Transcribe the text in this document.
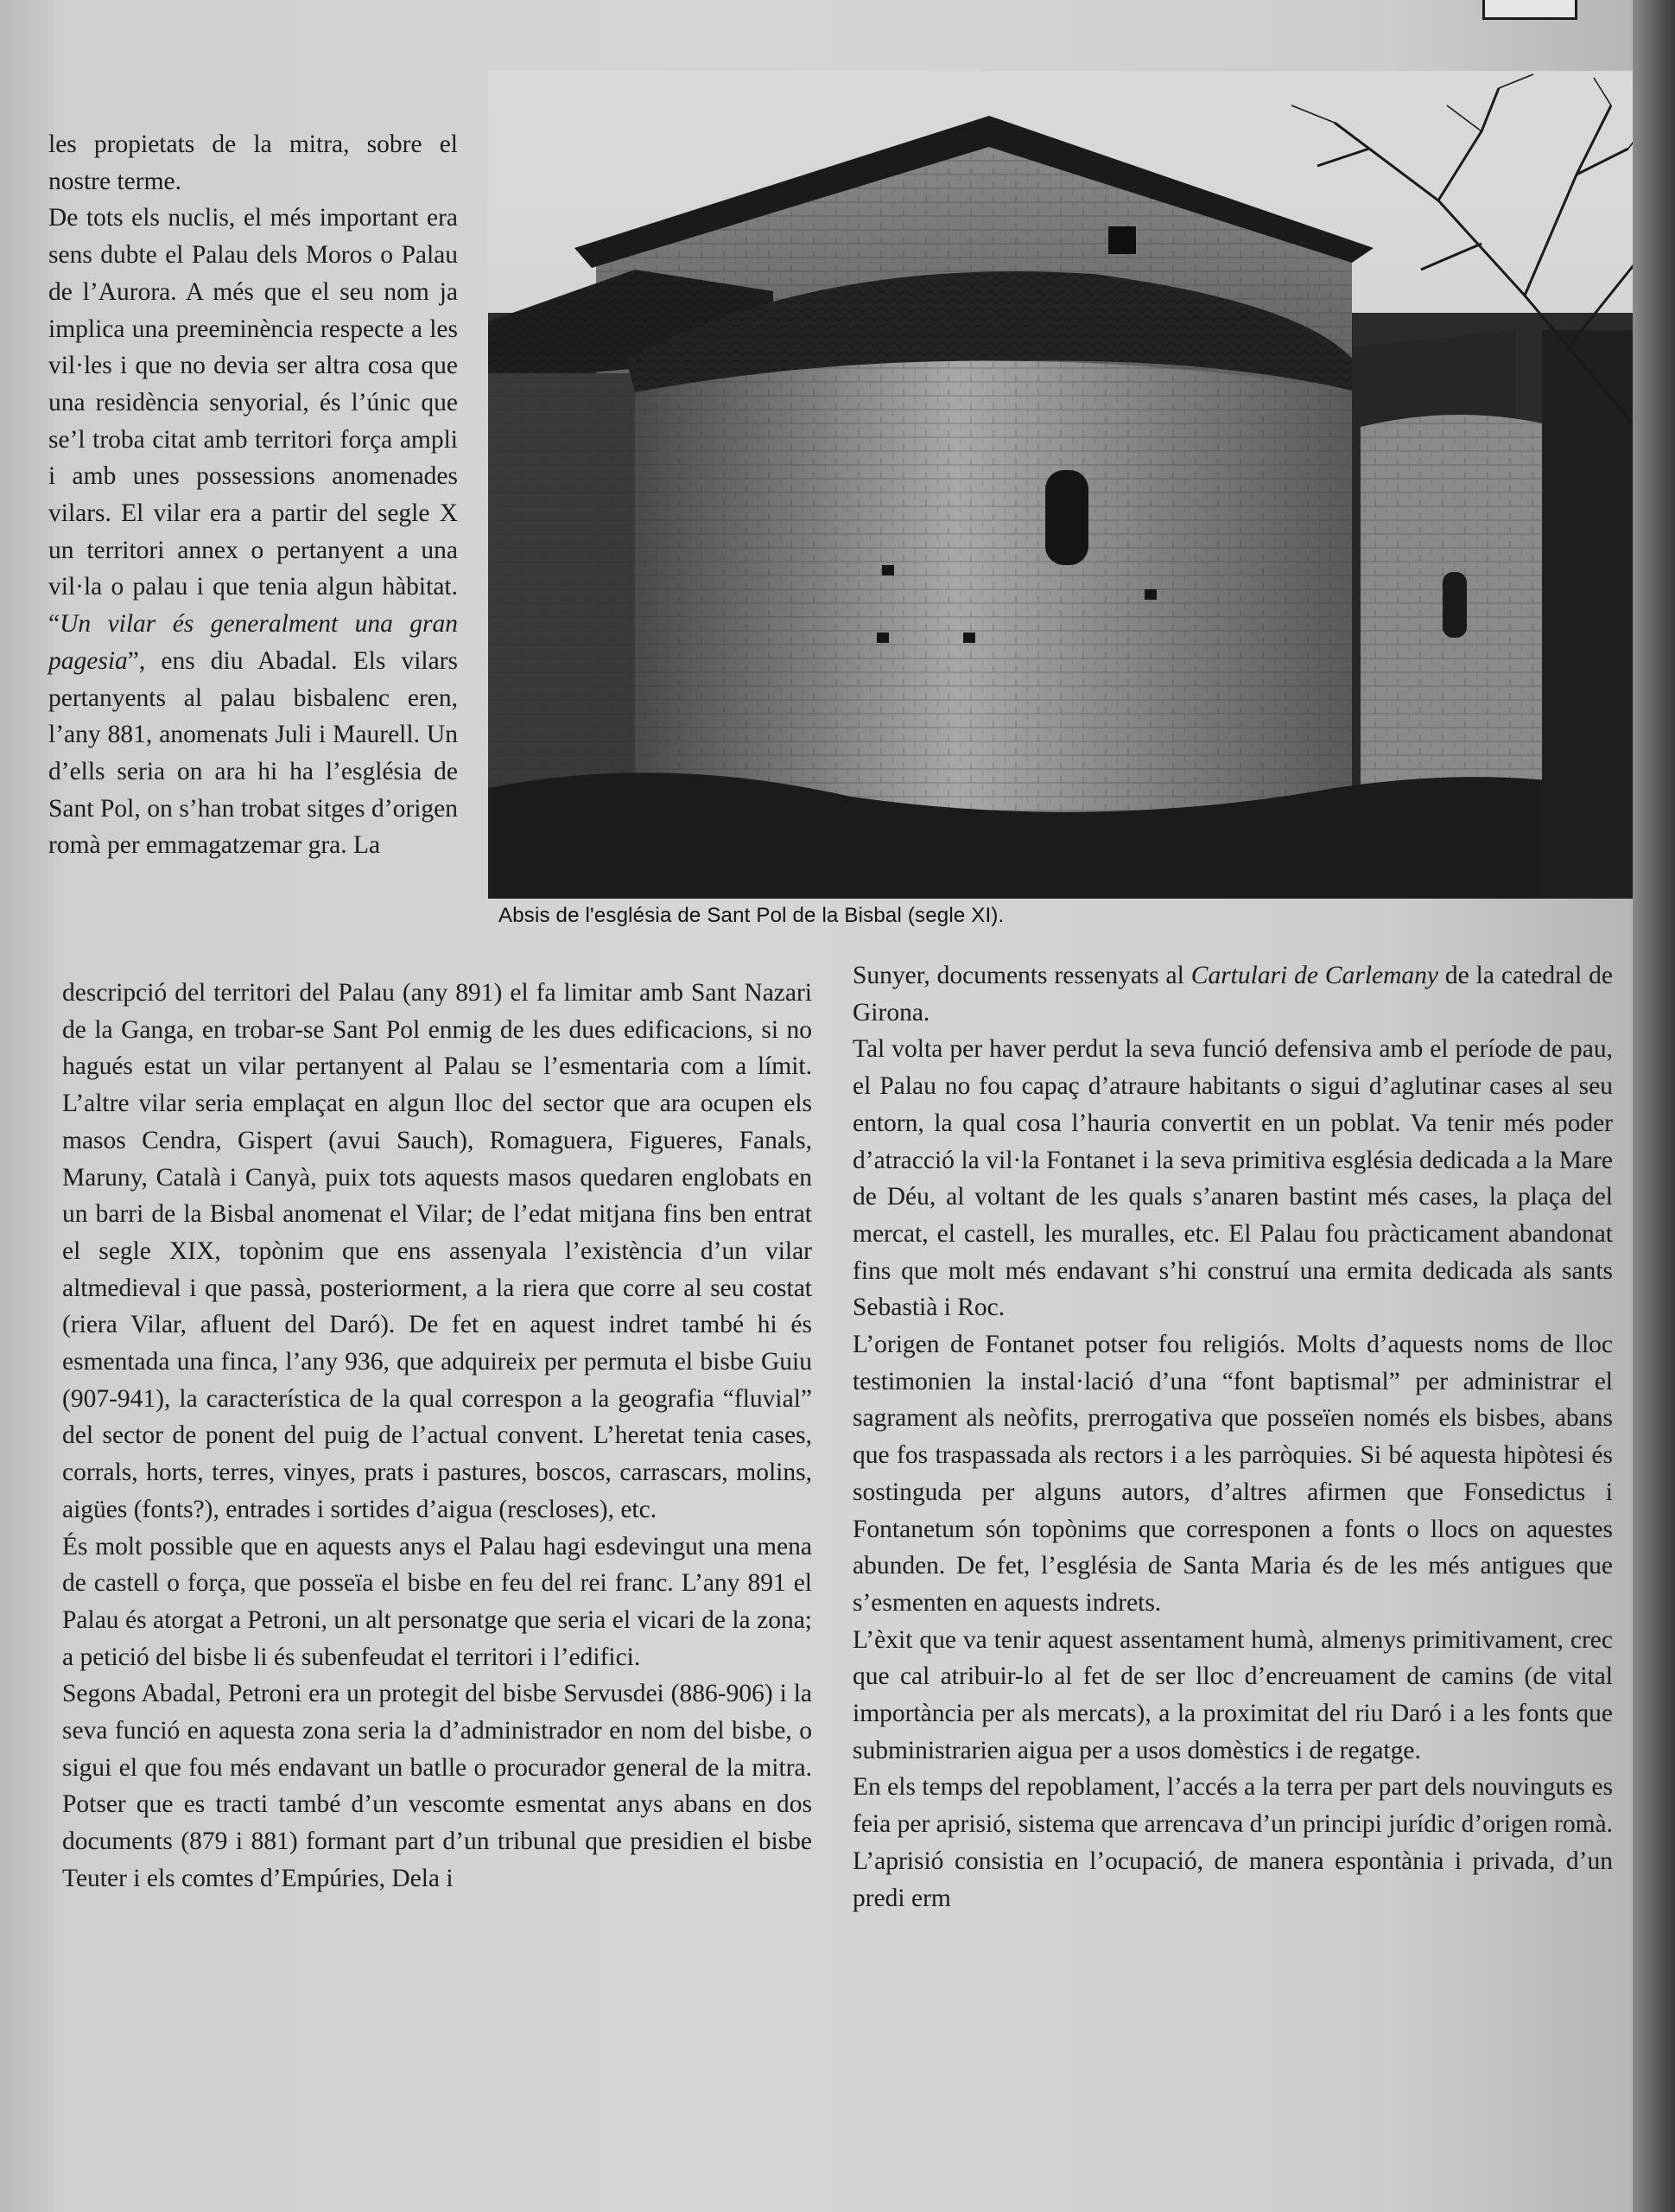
Absis de l'església de Sant Pol de la Bisbal (segle XI).

les propietats de la mitra, sobre el nostre terme.

De tots els nuclis, el més important era sens dubte el Palau dels Moros o Palau de l’Aurora. A més que el seu nom ja implica una preeminència respecte a les vil·les i que no devia ser altra cosa que una residència senyorial, és l’únic que se’l troba citat amb territori força ampli i amb unes possessions anomenades vilars. El vilar era a partir del segle X un territori annex o pertanyent a una vil·la o palau i que tenia algun hàbitat. “Un vilar és generalment una gran pagesia”, ens diu Abadal. Els vilars pertanyents al palau bisbalenc eren, l’any 881, anomenats Juli i Maurell. Un d’ells seria on ara hi ha l’església de Sant Pol, on s’han trobat sitges d’origen romà per emmagatzemar gra. La

descripció del territori del Palau (any 891) el fa limitar amb Sant Nazari de la Ganga, en trobar-se Sant Pol enmig de les dues edificacions, si no hagués estat un vilar pertanyent al Palau se l’esmentaria com a límit. L’altre vilar seria emplaçat en algun lloc del sector que ara ocupen els masos Cendra, Gispert (avui Sauch), Romaguera, Figueres, Fanals, Maruny, Català i Canyà, puix tots aquests masos quedaren englobats en un barri de la Bisbal anomenat el Vilar; de l’edat mitjana fins ben entrat el segle XIX, topònim que ens assenyala l’existència d’un vilar altmedieval i que passà, posteriorment, a la riera que corre al seu costat (riera Vilar, afluent del Daró). De fet en aquest indret també hi és esmentada una finca, l’any 936, que adquireix per permuta el bisbe Guiu (907-941), la característica de la qual correspon a la geografia “fluvial” del sector de ponent del puig de l’actual convent. L’heretat tenia cases, corrals, horts, terres, vinyes, prats i pastures, boscos, carrascars, molins, aigües (fonts?), entrades i sortides d’aigua (rescloses), etc.

És molt possible que en aquests anys el Palau hagi esdevingut una mena de castell o força, que posseïa el bisbe en feu del rei franc. L’any 891 el Palau és atorgat a Petroni, un alt personatge que seria el vicari de la zona; a petició del bisbe li és subenfeudat el territori i l’edifici.

Segons Abadal, Petroni era un protegit del bisbe Servusdei (886-906) i la seva funció en aquesta zona seria la d’administrador en nom del bisbe, o sigui el que fou més endavant un batlle o procurador general de la mitra. Potser que es tracti també d’un vescomte esmentat anys abans en dos documents (879 i 881) formant part d’un tribunal que presidien el bisbe Teuter i els comtes d’Empúries, Dela i

Sunyer, documents ressenyats al Cartulari de Carlemany de la catedral de Girona.

Tal volta per haver perdut la seva funció defensiva amb el període de pau, el Palau no fou capaç d’atraure habitants o sigui d’aglutinar cases al seu entorn, la qual cosa l’hauria convertit en un poblat. Va tenir més poder d’atracció la vil·la Fontanet i la seva primitiva església dedicada a la Mare de Déu, al voltant de les quals s’anaren bastint més cases, la plaça del mercat, el castell, les muralles, etc. El Palau fou pràcticament abandonat fins que molt més endavant s’hi construí una ermita dedicada als sants Sebastià i Roc.

L’origen de Fontanet potser fou religiós. Molts d’aquests noms de lloc testimonien la instal·lació d’una “font baptismal” per administrar el sagrament als neòfits, prerrogativa que posseïen només els bisbes, abans que fos traspassada als rectors i a les parròquies. Si bé aquesta hipòtesi és sostinguda per alguns autors, d’altres afirmen que Fonsedictus i Fontanetum són topònims que corresponen a fonts o llocs on aquestes abunden. De fet, l’església de Santa Maria és de les més antigues que s’esmenten en aquests indrets.

L’èxit que va tenir aquest assentament humà, almenys primitivament, crec que cal atribuir-lo al fet de ser lloc d’encreuament de camins (de vital importància per als mercats), a la proximitat del riu Daró i a les fonts que subministrarien aigua per a usos domèstics i de regatge.

En els temps del repoblament, l’accés a la terra per part dels nouvinguts es feia per aprisió, sistema que arrencava d’un principi jurídic d’origen romà. L’aprisió consistia en l’ocupació, de manera espontània i privada, d’un predi erm
